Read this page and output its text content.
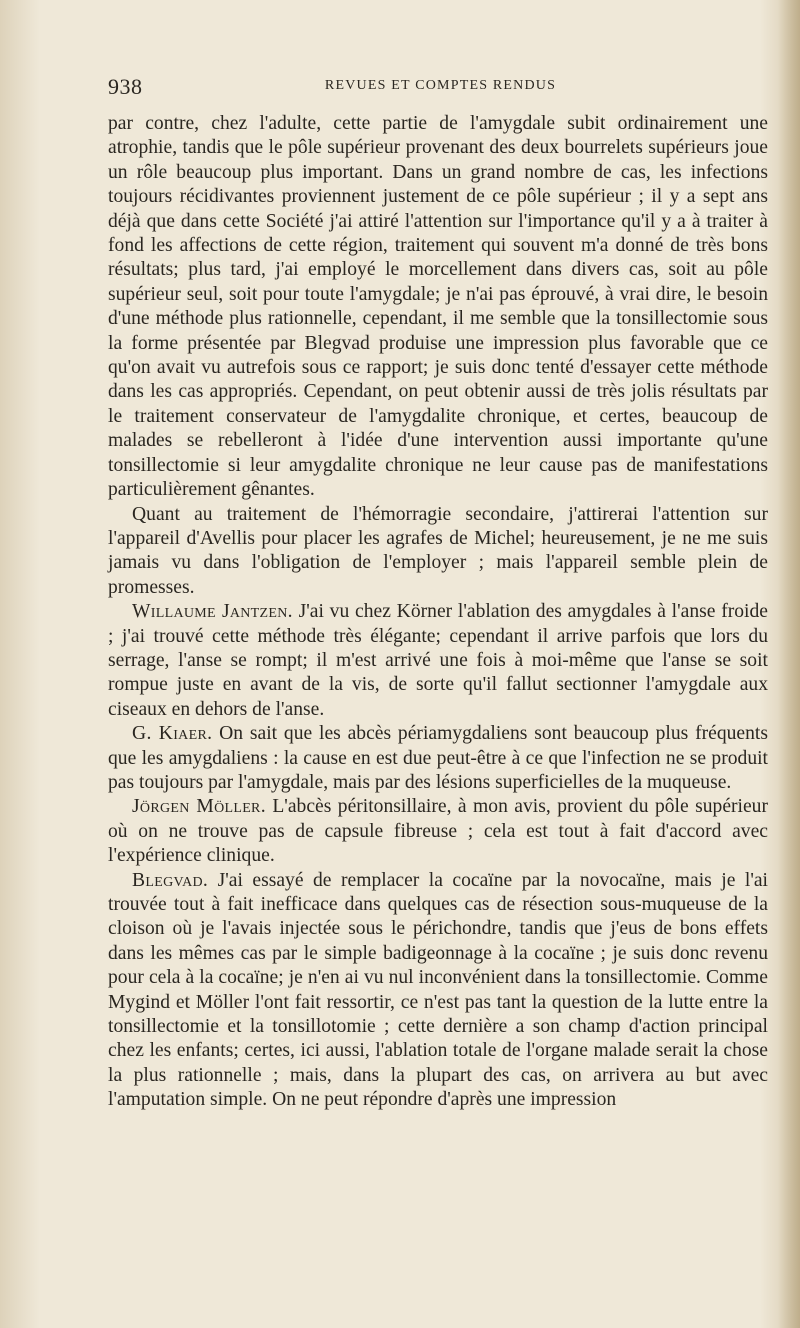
938	REVUES ET COMPTES RENDUS

par contre, chez l'adulte, cette partie de l'amygdale subit ordinairement une atrophie, tandis que le pôle supérieur provenant des deux bourrelets supérieurs joue un rôle beaucoup plus important. Dans un grand nombre de cas, les infections toujours récidivantes proviennent justement de ce pôle supérieur ; il y a sept ans déjà que dans cette Société j'ai attiré l'attention sur l'importance qu'il y a à traiter à fond les affections de cette région, traitement qui souvent m'a donné de très bons résultats; plus tard, j'ai employé le morcellement dans divers cas, soit au pôle supérieur seul, soit pour toute l'amygdale; je n'ai pas éprouvé, à vrai dire, le besoin d'une méthode plus rationnelle, cependant, il me semble que la tonsillectomie sous la forme présentée par Blegvad produise une impression plus favorable que ce qu'on avait vu autrefois sous ce rapport; je suis donc tenté d'essayer cette méthode dans les cas appropriés. Cependant, on peut obtenir aussi de très jolis résultats par le traitement conservateur de l'amygdalite chronique, et certes, beaucoup de malades se rebelleront à l'idée d'une intervention aussi importante qu'une tonsillectomie si leur amygdalite chronique ne leur cause pas de manifestations particulièrement gênantes.

Quant au traitement de l'hémorragie secondaire, j'attirerai l'attention sur l'appareil d'Avellis pour placer les agrafes de Michel; heureusement, je ne me suis jamais vu dans l'obligation de l'employer ; mais l'appareil semble plein de promesses.

Willaume Jantzen. J'ai vu chez Körner l'ablation des amygdales à l'anse froide ; j'ai trouvé cette méthode très élégante; cependant il arrive parfois que lors du serrage, l'anse se rompt; il m'est arrivé une fois à moi-même que l'anse se soit rompue juste en avant de la vis, de sorte qu'il fallut sectionner l'amygdale aux ciseaux en dehors de l'anse.

G. Kiaer. On sait que les abcès périamygdaliens sont beaucoup plus fréquents que les amygdaliens : la cause en est due peut-être à ce que l'infection ne se produit pas toujours par l'amygdale, mais par des lésions superficielles de la muqueuse.

Jörgen Möller. L'abcès péritonsillaire, à mon avis, provient du pôle supérieur où on ne trouve pas de capsule fibreuse ; cela est tout à fait d'accord avec l'expérience clinique.

Blegvad. J'ai essayé de remplacer la cocaïne par la novocaïne, mais je l'ai trouvée tout à fait inefficace dans quelques cas de résection sous-muqueuse de la cloison où je l'avais injectée sous le périchondre, tandis que j'eus de bons effets dans les mêmes cas par le simple badigeonnage à la cocaïne ; je suis donc revenu pour cela à la cocaïne; je n'en ai vu nul inconvénient dans la tonsillectomie. Comme Mygind et Möller l'ont fait ressortir, ce n'est pas tant la question de la lutte entre la tonsillectomie et la tonsillotomie ; cette dernière a son champ d'action principal chez les enfants; certes, ici aussi, l'ablation totale de l'organe malade serait la chose la plus rationnelle ; mais, dans la plupart des cas, on arrivera au but avec l'amputation simple. On ne peut répondre d'après une impression
